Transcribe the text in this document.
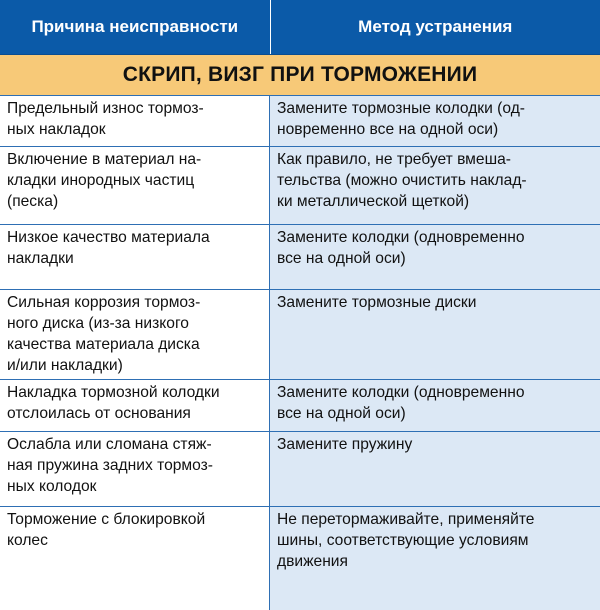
Причина неисправности	Метод устранения
СКРИП, ВИЗГ ПРИ ТОРМОЖЕНИИ
Предельный износ тормоз-
ных накладок
Замените тормозные колодки (од-
новременно все на одной оси)
Включение в материал на-
кладки инородных частиц
(песка)
Как правило, не требует вмеша-
тельства (можно очистить наклад-
ки металлической щеткой)
Низкое качество материала
накладки
Замените колодки (одновременно
все на одной оси)
Сильная коррозия тормоз-
ного диска (из-за низкого
качества материала диска
и/или накладки)
Замените тормозные диски
Накладка тормозной колодки
отслоилась от основания
Замените колодки (одновременно
все на одной оси)
Ослабла или сломана стяж-
ная пружина задних тормоз-
ных колодок
Замените пружину
Торможение с блокировкой
колес
Не перетормаживайте, применяйте
шины, соответствующие условиям
движения
